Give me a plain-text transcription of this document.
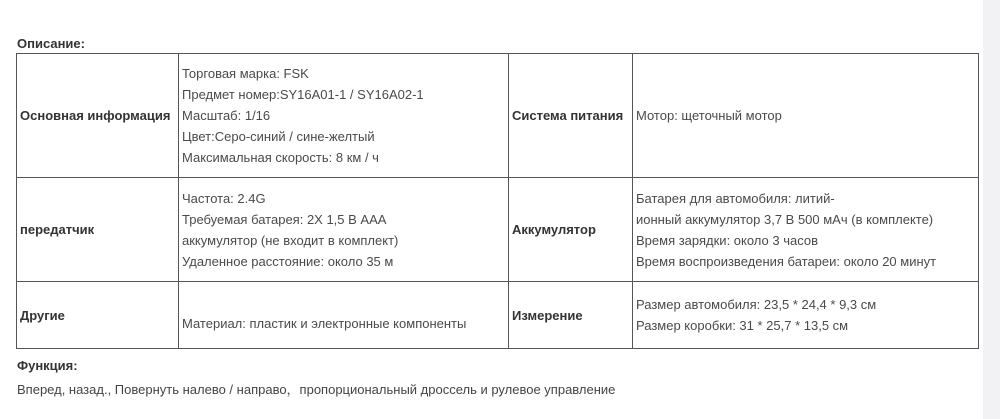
Описание:
Основная информация	Торговая марка: FSK
Предмет номер:SY16A01-1 / SY16A02-1
Масштаб: 1/16
Цвет:Серо-синий / сине-желтый
Максимальная скорость: 8 км / ч	Система питания	Мотор: щеточный мотор

передатчик	Частота: 2.4G
Требуемая батарея: 2X 1,5 В ААА
аккумулятор (не входит в комплект)
Удаленное расстояние: около 35 м	Аккумулятор	Батарея для автомобиля: литий-
ионный аккумулятор 3,7 В 500 мАч (в комплекте)
Время зарядки: около 3 часов
Время воспроизведения батареи: около 20 минут

Другие	Материал: пластик и электронные компоненты	Измерение	Размер автомобиля: 23,5 * 24,4 * 9,3 см
Размер коробки: 31 * 25,7 * 13,5 см
Функция:
Вперед, назад., Повернуть налево / направо，пропорциональный дроссель и рулевое управление
